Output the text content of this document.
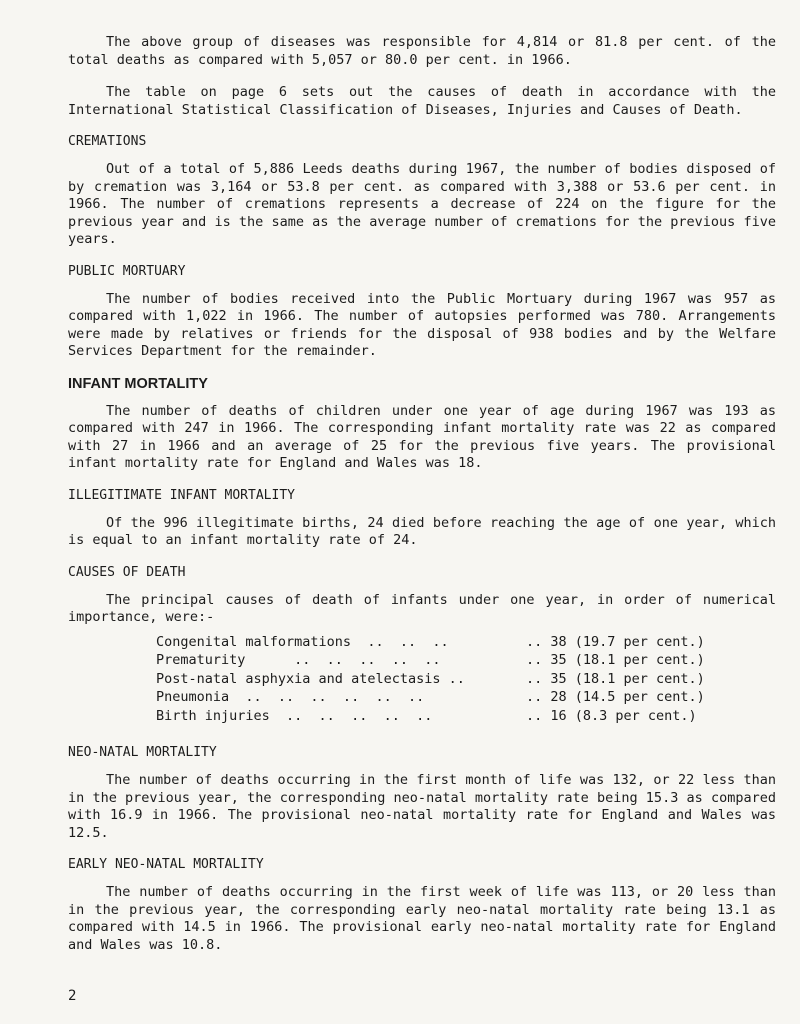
The above group of diseases was responsible for 4,814 or 81.8 per cent. of the total deaths as compared with 5,057 or 80.0 per cent. in 1966.

The table on page 6 sets out the causes of death in accordance with the International Statistical Classification of Diseases, Injuries and Causes of Death.

CREMATIONS

Out of a total of 5,886 Leeds deaths during 1967, the number of bodies disposed of by cremation was 3,164 or 53.8 per cent. as compared with 3,388 or 53.6 per cent. in 1966. The number of cremations represents a decrease of 224 on the figure for the previous year and is the same as the average number of cremations for the previous five years.

PUBLIC MORTUARY

The number of bodies received into the Public Mortuary during 1967 was 957 as compared with 1,022 in 1966. The number of autopsies performed was 780. Arrangements were made by relatives or friends for the disposal of 938 bodies and by the Welfare Services Department for the remainder.

INFANT MORTALITY

The number of deaths of children under one year of age during 1967 was 193 as compared with 247 in 1966. The corresponding infant mortality rate was 22 as compared with 27 in 1966 and an average of 25 for the previous five years. The provisional infant mortality rate for England and Wales was 18.

ILLEGITIMATE INFANT MORTALITY

Of the 996 illegitimate births, 24 died before reaching the age of one year, which is equal to an infant mortality rate of 24.

CAUSES OF DEATH

The principal causes of death of infants under one year, in order of numerical importance, were:-

Congenital malformations  ..  ..  ..	.. 38 (19.7 per cent.)
Prematurity      ..  ..  ..  ..  ..	.. 35 (18.1 per cent.)
Post-natal asphyxia and atelectasis ..	.. 35 (18.1 per cent.)
Pneumonia  ..  ..  ..  ..  ..  ..	.. 28 (14.5 per cent.)
Birth injuries  ..  ..  ..  ..  ..	.. 16 (8.3 per cent.)
NEO-NATAL MORTALITY

The number of deaths occurring in the first month of life was 132, or 22 less than in the previous year, the corresponding neo-natal mortality rate being 15.3 as compared with 16.9 in 1966. The provisional neo-natal mortality rate for England and Wales was 12.5.

EARLY NEO-NATAL MORTALITY

The number of deaths occurring in the first week of life was 113, or 20 less than in the previous year, the corresponding early neo-natal mortality rate being 13.1 as compared with 14.5 in 1966. The provisional early neo-natal mortality rate for England and Wales was 10.8.

2
